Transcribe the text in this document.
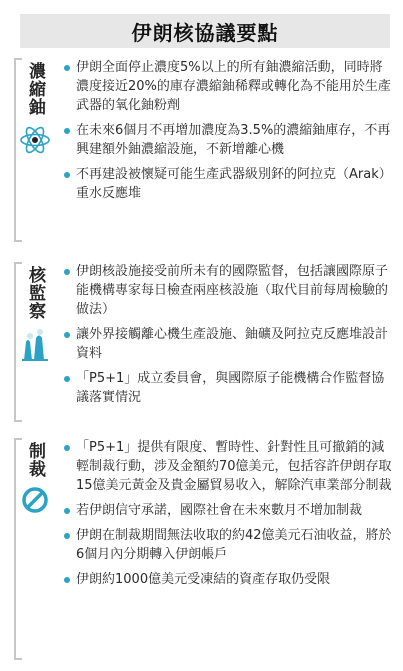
伊朗核協議要點
濃縮鈾	伊朗全面停止濃度5%以上的所有鈾濃縮活動，同時將濃度接近20%的庫存濃縮鈾稀釋或轉化為不能用於生產武器的氧化鈾粉劑
在未來6個月不再增加濃度為3.5%的濃縮鈾庫存，不再興建額外鈾濃縮設施，不新增離心機
不再建設被懷疑可能生產武器級別鈈的阿拉克（Arak）重水反應堆
核監察	伊朗核設施接受前所未有的國際監督，包括讓國際原子能機構專家每日檢查兩座核設施（取代目前每周檢驗的做法）
讓外界接觸離心機生產設施、鈾礦及阿拉克反應堆設計資料
「P5+1」成立委員會，與國際原子能機構合作監督協議落實情況
制裁	「P5+1」提供有限度、暫時性、針對性且可撤銷的減輕制裁行動，涉及金額約70億美元，包括容許伊朗存取15億美元黃金及貴金屬貿易收入，解除汽車業部分制裁
若伊朗信守承諾，國際社會在未來數月不增加制裁
伊朗在制裁期間無法收取的約42億美元石油收益，將於6個月內分期轉入伊朗帳戶
伊朗約1000億美元受凍結的資產存取仍受限
